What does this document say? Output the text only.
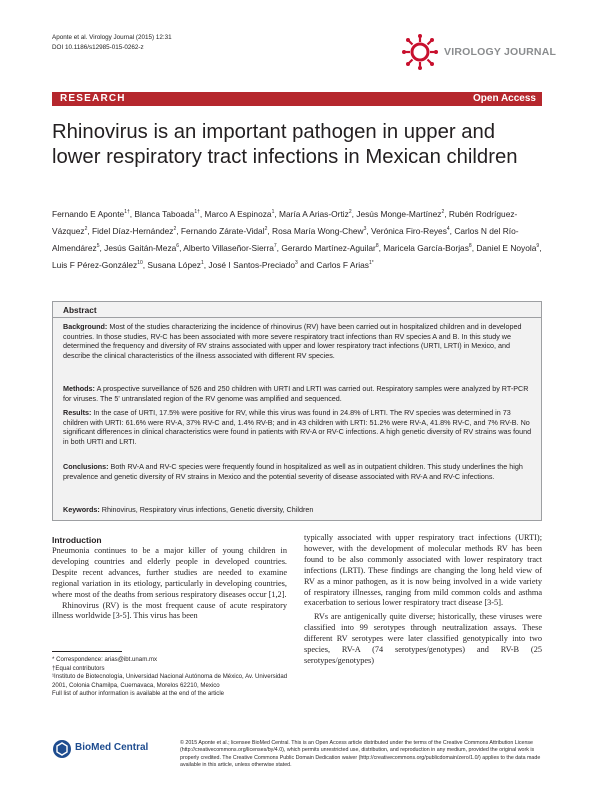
Aponte et al. Virology Journal (2015) 12:31
DOI 10.1186/s12985-015-0262-z	VIROLOGY JOURNAL
RESEARCH	Open Access
Rhinovirus is an important pathogen in upper and lower respiratory tract infections in Mexican children
Fernando E Aponte$^{1\dagger}$, Blanca Taboada$^{1\dagger}$, Marco A Espinoza$^1$, María A Arias-Ortiz$^2$, Jesús Monge-Martínez$^2$, Rubén Rodríguez-Vázquez$^2$, Fidel Díaz-Hernández$^2$, Fernando Zárate-Vidal$^2$, Rosa María Wong-Chew$^3$, Verónica Firo-Reyes$^4$, Carlos N del Río-Almendárez$^5$, Jesús Gaitán-Meza$^6$, Alberto Villaseñor-Sierra$^7$, Gerardo Martínez-Aguilar$^8$, Maricela García-Borjas$^8$, Daniel E Noyola$^9$, Luis F Pérez-González$^{10}$, Susana López$^1$, José I Santos-Preciado$^3$ and Carlos F Arias$^{1*}$
Abstract
Background: Most of the studies characterizing the incidence of rhinovirus (RV) have been carried out in hospitalized children and in developed countries. In those studies, RV-C has been associated with more severe respiratory tract infections than RV species A and B. In this study we determined the frequency and diversity of RV strains associated with upper and lower respiratory tract infections (URTI, LRTI) in Mexico, and describe the clinical characteristics of the illness associated with different RV species.
Methods: A prospective surveillance of 526 and 250 children with URTI and LRTI was carried out. Respiratory samples were analyzed by RT-PCR for viruses. The 5' untranslated region of the RV genome was amplified and sequenced.
Results: In the case of URTI, 17.5% were positive for RV, while this virus was found in 24.8% of LRTI. The RV species was determined in 73 children with URTI: 61.6% were RV-A, 37% RV-C and, 1.4% RV-B; and in 43 children with LRTI: 51.2% were RV-A, 41.8% RV-C, and 7% RV-B. No significant differences in clinical characteristics were found in patients with RV-A or RV-C infections. A high genetic diversity of RV strains was found in both URTI and LRTI.
Conclusions: Both RV-A and RV-C species were frequently found in hospitalized as well as in outpatient children. This study underlines the high prevalence and genetic diversity of RV strains in Mexico and the potential severity of disease associated with RV-A and RV-C infections.
Keywords: Rhinovirus, Respiratory virus infections, Genetic diversity, Children
Introduction

Pneumonia continues to be a major killer of young children in developing countries and elderly people in developed countries. Despite recent advances, further studies are needed to examine regional variation in its etiology, particularly in developing countries, where most of the deaths from serious respiratory diseases occur [1,2].

Rhinovirus (RV) is the most frequent cause of acute respiratory illness worldwide [3-5]. This virus has been

typically associated with upper respiratory tract infections (URTI); however, with the development of molecular methods RV has been found to be also commonly associated with lower respiratory tract infections (LRTI). These findings are changing the long held view of RV as a minor pathogen, as it is now being involved in a wide variety of respiratory illnesses, ranging from mild common colds and asthma exacerbation to serious lower respiratory tract disease [3-5].

RVs are antigenically quite diverse; historically, these viruses were classified into 99 serotypes through neutralization assays. These different RV serotypes were later classified genotypically into two species, RV-A (74 serotypes/genotypes) and RV-B (25 serotypes/genotypes)

* Correspondence: arias@ibt.unam.mx
†Equal contributors
¹Instituto de Biotecnología, Universidad Nacional Autónoma de México, Av. Universidad 2001, Colonia Chamilpa, Cuernavaca, Morelos 62210, Mexico
Full list of author information is available at the end of the article
BioMed Central	© 2015 Aponte et al.; licensee BioMed Central. This is an Open Access article distributed under the terms of the Creative Commons Attribution License (http://creativecommons.org/licenses/by/4.0), which permits unrestricted use, distribution, and reproduction in any medium, provided the original work is properly credited. The Creative Commons Public Domain Dedication waiver (http://creativecommons.org/publicdomain/zero/1.0/) applies to the data made available in this article, unless otherwise stated.
